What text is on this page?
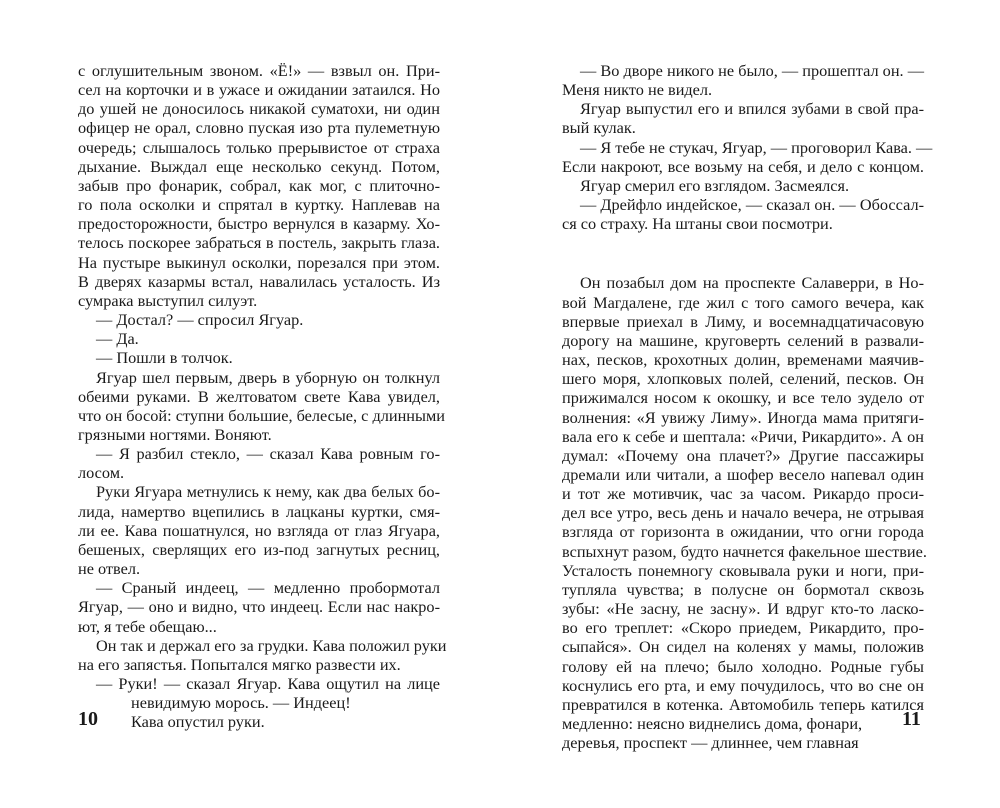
с оглушительным звоном. «Ё!» — взвыл он. При-
сел на корточки и в ужасе и ожидании затаился. Но
до ушей не доносилось никакой суматохи, ни один
офицер не орал, словно пуская изо рта пулеметную
очередь; слышалось только прерывистое от страха
дыхание. Выждал еще несколько секунд. Потом,
забыв про фонарик, собрал, как мог, с плиточно-
го пола осколки и спрятал в куртку. Наплевав на
предосторожности, быстро вернулся в казарму. Хо-
телось поскорее забраться в постель, закрыть глаза.
На пустыре выкинул осколки, порезался при этом.
В дверях казармы встал, навалилась усталость. Из
сумрака выступил силуэт.
— Достал? — спросил Ягуар.
— Да.
— Пошли в толчок.
Ягуар шел первым, дверь в уборную он толкнул
обеими руками. В желтоватом свете Кава увидел,
что он босой: ступни большие, белесые, с длинными
грязными ногтями. Воняют.
— Я разбил стекло, — сказал Кава ровным го-
лосом.
Руки Ягуара метнулись к нему, как два белых бо-
лида, намертво вцепились в лацканы куртки, смя-
ли ее. Кава пошатнулся, но взгляда от глаз Ягуара,
бешеных, сверлящих его из-под загнутых ресниц,
не отвел.
— Сраный индеец, — медленно пробормотал
Ягуар, — оно и видно, что индеец. Если нас накро-
ют, я тебе обещаю...
Он так и держал его за грудки. Кава положил руки
на его запястья. Попытался мягко развести их.
— Руки! — сказал Ягуар. Кава ощутил на лице
невидимую морось. — Индеец!
Кава опустил руки.
10
— Во дворе никого не было, — прошептал он. —
Меня никто не видел.
Ягуар выпустил его и впился зубами в свой пра-
вый кулак.
— Я тебе не стукач, Ягуар, — проговорил Кава. —
Если накроют, все возьму на себя, и дело с концом.
Ягуар смерил его взглядом. Засмеялся.
— Дрейфло индейское, — сказал он. — Обоссал-
ся со страху. На штаны свои посмотри.
Он позабыл дом на проспекте Салаверри, в Но-
вой Магдалене, где жил с того самого вечера, как
впервые приехал в Лиму, и восемнадцатичасовую
дорогу на машине, круговерть селений в развали-
нах, песков, крохотных долин, временами маячив-
шего моря, хлопковых полей, селений, песков. Он
прижимался носом к окошку, и все тело зудело от
волнения: «Я увижу Лиму». Иногда мама притяги-
вала его к себе и шептала: «Ричи, Рикардито». А он
думал: «Почему она плачет?» Другие пассажиры
дремали или читали, а шофер весело напевал один
и тот же мотивчик, час за часом. Рикардо проси-
дел все утро, весь день и начало вечера, не отрывая
взгляда от горизонта в ожидании, что огни города
вспыхнут разом, будто начнется факельное шествие.
Усталость понемногу сковывала руки и ноги, при-
тупляла чувства; в полусне он бормотал сквозь
зубы: «Не засну, не засну». И вдруг кто-то ласко-
во его треплет: «Скоро приедем, Рикардито, про-
сыпайся». Он сидел на коленях у мамы, положив
голову ей на плечо; было холодно. Родные губы
коснулись его рта, и ему почудилось, что во сне он
превратился в котенка. Автомобиль теперь катился
медленно: неясно виднелись дома, фонари,
деревья, проспект — длиннее, чем главная
11
